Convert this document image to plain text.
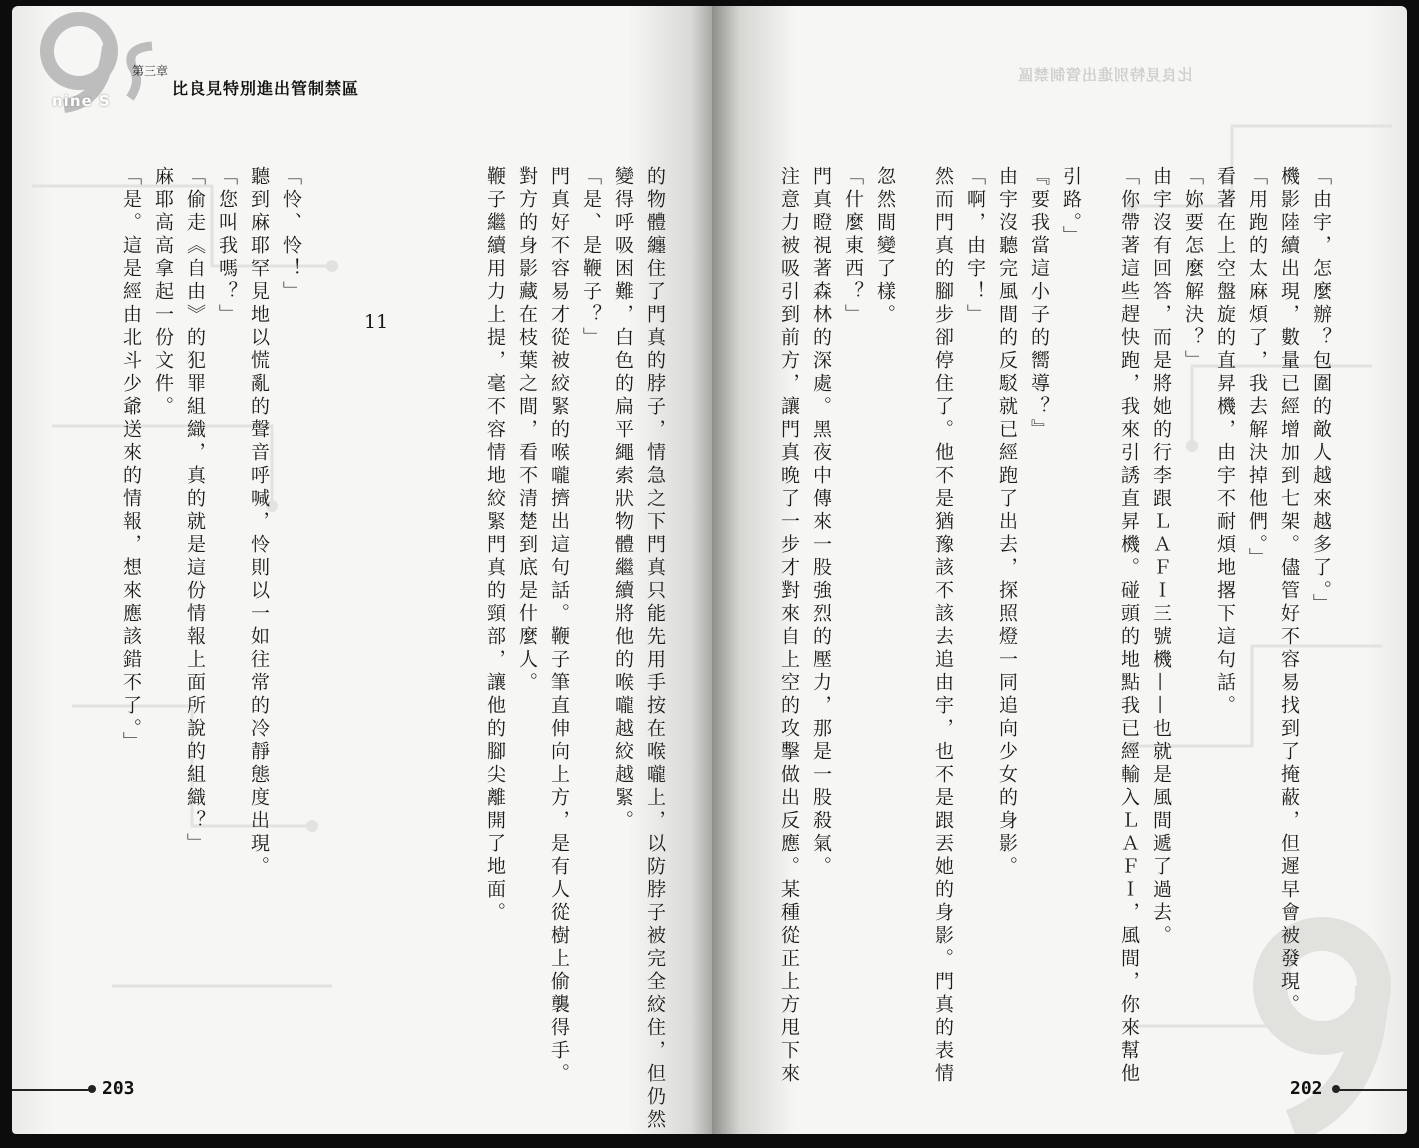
nine S
第三章
比良見特別進出管制禁區
的物體纏住了門真的脖子，情急之下門真只能先用手按在喉嚨上，以防脖子被完全絞住，但仍然
變得呼吸困難，白色的扁平繩索狀物體繼續將他的喉嚨越絞越緊。
「是、是鞭子？」
門真好不容易才從被絞緊的喉嚨擠出這句話。鞭子筆直伸向上方，是有人從樹上偷襲得手。
對方的身影藏在枝葉之間，看不清楚到底是什麼人。
鞭子繼續用力上提，毫不容情地絞緊門真的頸部，讓他的腳尖離開了地面。
11
「怜、怜！」
聽到麻耶罕見地以慌亂的聲音呼喊，怜則以一如往常的冷靜態度出現。
「您叫我嗎？」
「偷走《自由》的犯罪組織，真的就是這份情報上面所說的組織？」
麻耶高高拿起一份文件。
「是。這是經由北斗少爺送來的情報，想來應該錯不了。」
203
比良見特別進出管制禁區
「由宇，怎麼辦？包圍的敵人越來越多了。」
機影陸續出現，數量已經增加到七架。儘管好不容易找到了掩蔽，但遲早會被發現。
「用跑的太麻煩了，我去解決掉他們。」
看著在上空盤旋的直昇機，由宇不耐煩地撂下這句話。
「妳要怎麼解決？」
由宇沒有回答，而是將她的行李跟ＬＡＦＩ三號機——也就是風間遞了過去。
「你帶著這些趕快跑，我來引誘直昇機。碰頭的地點我已經輸入ＬＡＦＩ，風間，你來幫他
引路。」
『要我當這小子的嚮導？』
由宇沒聽完風間的反駁就已經跑了出去，探照燈一同追向少女的身影。
「啊，由宇！」
然而門真的腳步卻停住了。他不是猶豫該不該去追由宇，也不是跟丟她的身影。門真的表情
忽然間變了樣。
「什麼東西？」
門真瞪視著森林的深處。黑夜中傳來一股強烈的壓力，那是一股殺氣。
注意力被吸引到前方，讓門真晚了一步才對來自上空的攻擊做出反應。某種從正上方甩下來
202
